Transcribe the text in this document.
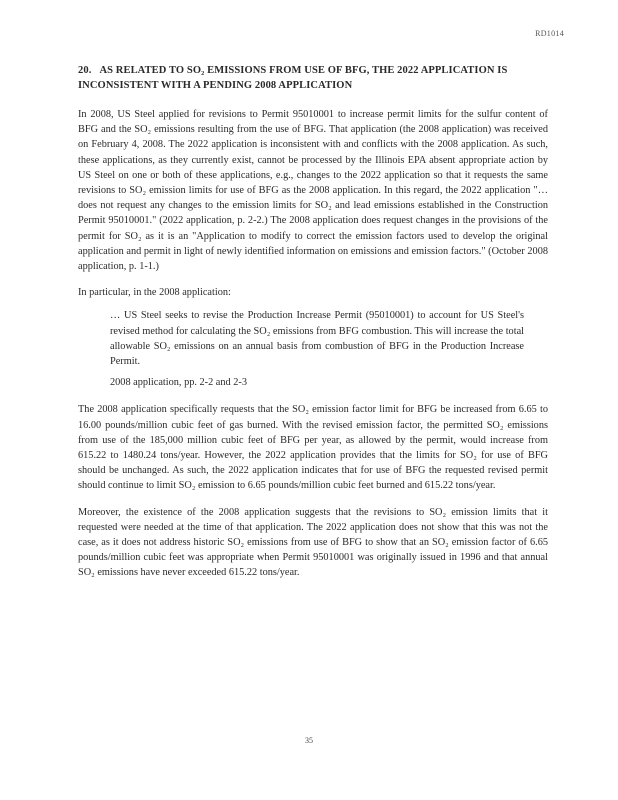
RD1014
20. AS RELATED TO SO₂ EMISSIONS FROM USE OF BFG, THE 2022 APPLICATION IS INCONSISTENT WITH A PENDING 2008 APPLICATION

In 2008, US Steel applied for revisions to Permit 95010001 to increase permit limits for the sulfur content of BFG and the SO₂ emissions resulting from the use of BFG. That application (the 2008 application) was received on February 4, 2008. The 2022 application is inconsistent with and conflicts with the 2008 application. As such, these applications, as they currently exist, cannot be processed by the Illinois EPA absent appropriate action by US Steel on one or both of these applications, e.g., changes to the 2022 application so that it requests the same revisions to SO₂ emission limits for use of BFG as the 2008 application. In this regard, the 2022 application "… does not request any changes to the emission limits for SO₂ and lead emissions established in the Construction Permit 95010001." (2022 application, p. 2-2.) The 2008 application does request changes in the provisions of the permit for SO₂ as it is an "Application to modify to correct the emission factors used to develop the original application and permit in light of newly identified information on emissions and emission factors." (October 2008 application, p. 1-1.)

In particular, in the 2008 application:

… US Steel seeks to revise the Production Increase Permit (95010001) to account for US Steel's revised method for calculating the SO₂ emissions from BFG combustion. This will increase the total allowable SO₂ emissions on an annual basis from combustion of BFG in the Production Increase Permit.
2008 application, pp. 2-2 and 2-3

The 2008 application specifically requests that the SO₂ emission factor limit for BFG be increased from 6.65 to 16.00 pounds/million cubic feet of gas burned. With the revised emission factor, the permitted SO₂ emissions from use of the 185,000 million cubic feet of BFG per year, as allowed by the permit, would increase from 615.22 to 1480.24 tons/year. However, the 2022 application provides that the limits for SO₂ for use of BFG should be unchanged. As such, the 2022 application indicates that for use of BFG the requested revised permit should continue to limit SO₂ emission to 6.65 pounds/million cubic feet burned and 615.22 tons/year.

Moreover, the existence of the 2008 application suggests that the revisions to SO₂ emission limits that it requested were needed at the time of that application. The 2022 application does not show that this was not the case, as it does not address historic SO₂ emissions from use of BFG to show that an SO₂ emission factor of 6.65 pounds/million cubic feet was appropriate when Permit 95010001 was originally issued in 1996 and that annual SO₂ emissions have never exceeded 615.22 tons/year.

35
